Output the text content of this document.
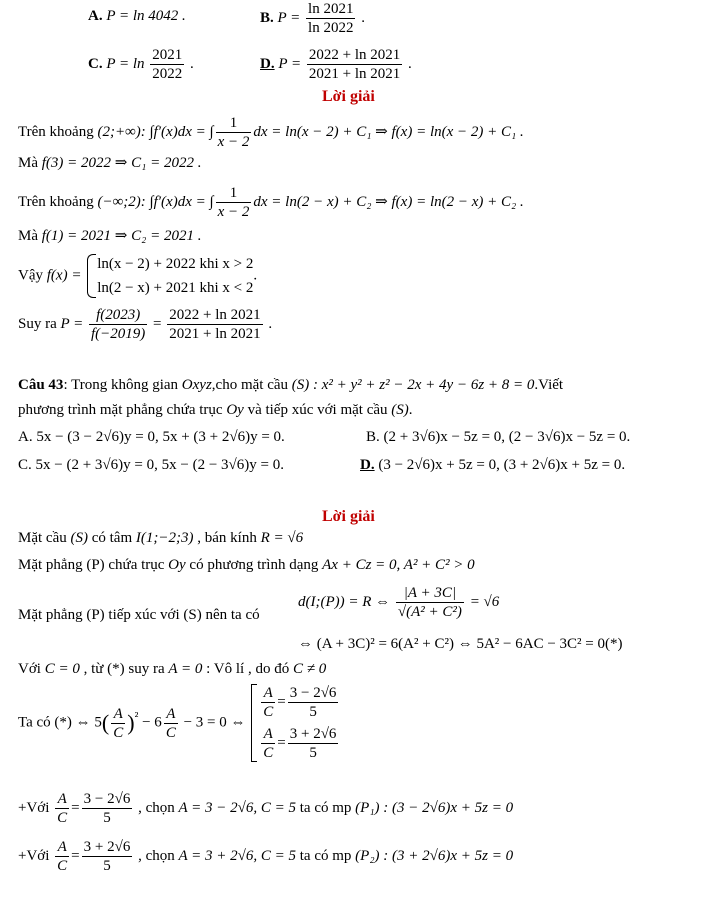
A. P = ln 4042 .	B. $P = \frac{\ln 2021}{\ln 2022}$ .
C. $P = \ln \frac{2021}{2022}$ .	D. $P = \frac{2022 + \ln 2021}{2021 + \ln 2021}$ .
Lời giải
Trên khoảng (2;+∞): ∫f′(x)dx = ∫ $\frac{1}{x - 2}$ dx = ln(x − 2) + C₁ ⇒ f(x) = ln(x − 2) + C₁ .
Mà f(3) = 2022 ⇒ C₁ = 2022 .
Trên khoảng (−∞;2): ∫f′(x)dx = ∫ $\frac{1}{x - 2}$ dx = ln(2 − x) + C₂ ⇒ f(x) = ln(2 − x) + C₂ .
Mà f(1) = 2021 ⇒ C₂ = 2021 .
Vậy f(x) =
ln(x − 2) + 2022 khi x > 2
ln(2 − x) + 2021 khi x < 2
.
Suy ra $P = \frac{f(2023)}{f(-2019)} = \frac{2022 + \ln 2021}{2021 + \ln 2021}$ .
Câu 43: Trong không gian Oxyz,cho mặt cầu (S) : x² + y² + z² − 2x + 4y − 6z + 8 = 0.Viết
phương trình mặt phẳng chứa trục Oy và tiếp xúc với mặt cầu (S).
A. 5x − (3 − 2√6)y = 0, 5x + (3 + 2√6)y = 0.	B. (2 + 3√6)x − 5z = 0, (2 − 3√6)x − 5z = 0.
C. 5x − (2 + 3√6)y = 0, 5x − (2 − 3√6)y = 0.	D. (3 − 2√6)x + 5z = 0, (3 + 2√6)x + 5z = 0.
Lời giải
Mặt cầu (S) có tâm I(1;−2;3) , bán kính R = √6
Mặt phẳng (P) chứa trục Oy có phương trình dạng Ax + Cz = 0, A² + C² > 0
Mặt phẳng (P) tiếp xúc với (S) nên ta có
d(I;(P)) = R ⇔ $\frac{|A + 3C|}{\text{√(A² + C²)}} = √6$
⇔ (A + 3C)² = 6(A² + C²) ⇔ 5A² − 6AC − 3C² = 0(*)
Với C = 0 , từ (*) suy ra A = 0 : Vô lí , do đó C ≠ 0
Ta có (*) ⇔ $5( \frac{A}{C} )^{^2} - 6 \frac{A}{C} - 3 = 0$ ⇔
$\frac{A}{C} = \frac{3 - 2√6}{5}$
$\frac{A}{C} = \frac{3 + 2√6}{5}$
+Với $\frac{A}{C} = \frac{3 - 2√6}{5}$ , chọn A = 3 − 2√6, C = 5 ta có mp (P₁) : (3 − 2√6)x + 5z = 0
+Với $\frac{A}{C} = \frac{3 + 2√6}{5}$ , chọn A = 3 + 2√6, C = 5 ta có mp (P₂) : (3 + 2√6)x + 5z = 0
